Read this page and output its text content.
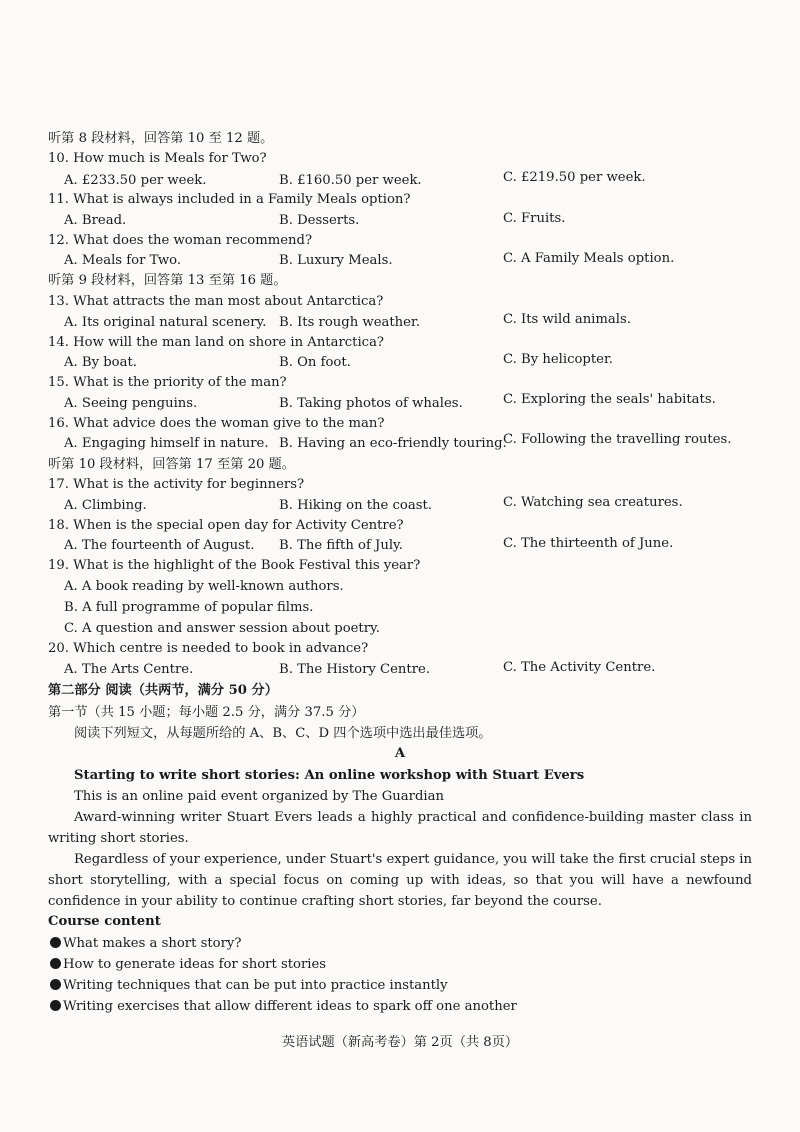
听第 8 段材料，回答第 10 至 12 题。
10. How much is Meals for Two?
A. £233.50 per week.	B. £160.50 per week.	C. £219.50 per week.
11. What is always included in a Family Meals option?
A. Bread.	B. Desserts.	C. Fruits.
12. What does the woman recommend?
A. Meals for Two.	B. Luxury Meals.	C. A Family Meals option.
听第 9 段材料，回答第 13 至第 16 题。
13. What attracts the man most about Antarctica?
A. Its original natural scenery. B. Its rough weather.	C. Its wild animals.
14. How will the man land on shore in Antarctica?
A. By boat.	B. On foot.	C. By helicopter.
15. What is the priority of the man?
A. Seeing penguins.	B. Taking photos of whales.	C. Exploring the seals' habitats.
16. What advice does the woman give to the man?
A. Engaging himself in nature. B. Having an eco-friendly touring.
C. Following the travelling routes.
听第 10 段材料，回答第 17 至第 20 题。
17. What is the activity for beginners?
A. Climbing.	B. Hiking on the coast.	C. Watching sea creatures.
18. When is the special open day for Activity Centre?
A. The fourteenth of August. B. The fifth of July.	C. The thirteenth of June.
19. What is the highlight of the Book Festival this year?
A. A book reading by well-known authors.
B. A full programme of popular films.
C. A question and answer session about poetry.
20. Which centre is needed to book in advance?
A. The Arts Centre.	B. The History Centre.	C. The Activity Centre.
第二部分 阅读（共两节，满分 50 分）
第一节（共 15 小题；每小题 2.5 分，满分 37.5 分）
阅读下列短文，从每题所给的 A、B、C、D 四个选项中选出最佳选项。
A
Starting to write short stories: An online workshop with Stuart Evers
This is an online paid event organized by The Guardian
Award-winning writer Stuart Evers leads a highly practical and confidence-building master class in writing short stories.
Regardless of your experience, under Stuart's expert guidance, you will take the first crucial steps in short storytelling, with a special focus on coming up with ideas, so that you will have a newfound confidence in your ability to continue crafting short stories, far beyond the course.
Course content
What makes a short story?
How to generate ideas for short stories
Writing techniques that can be put into practice instantly
Writing exercises that allow different ideas to spark off one another
英语试题（新高考卷）第 2页（共 8页）
